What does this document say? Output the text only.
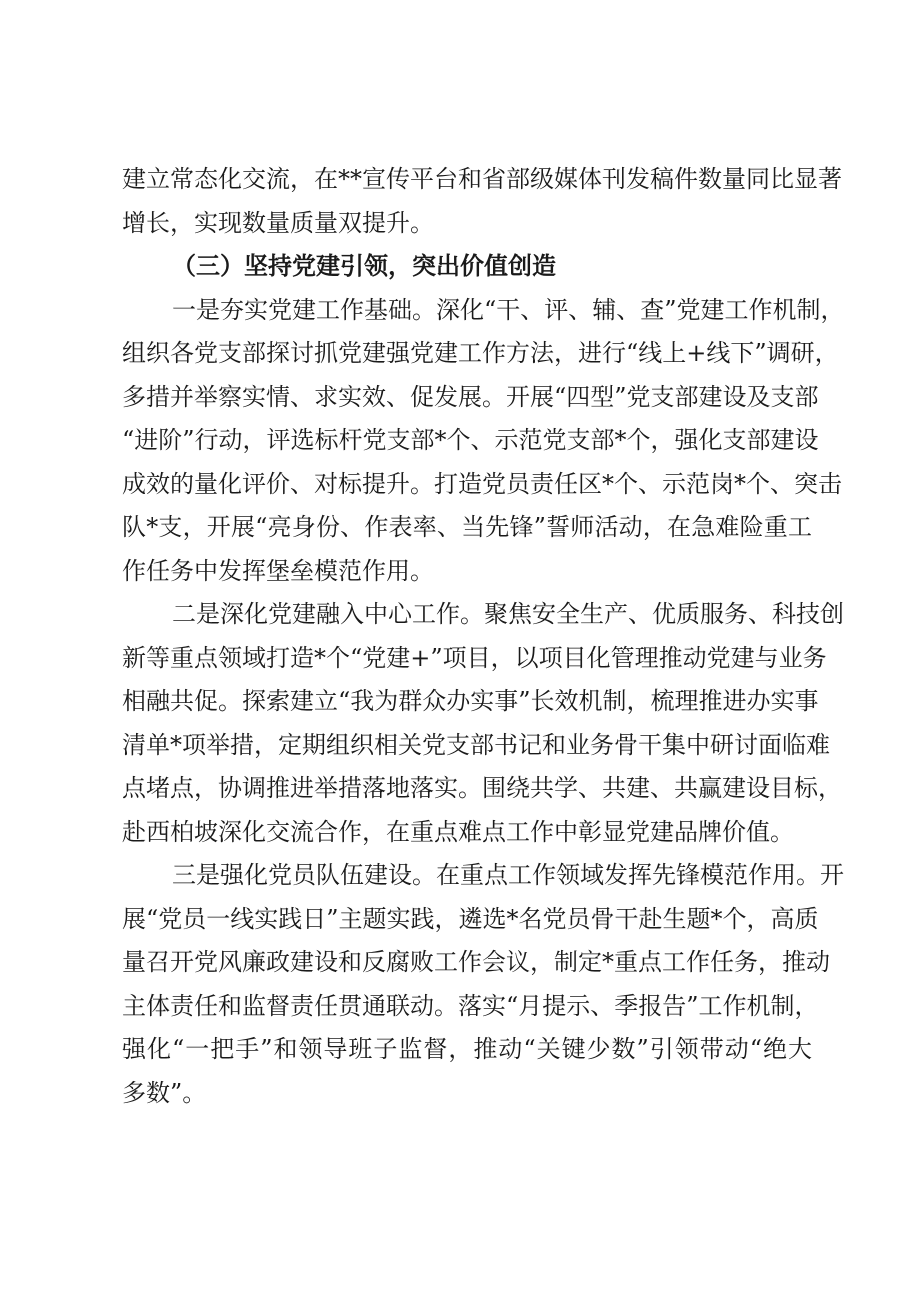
建立常态化交流，在**宣传平台和省部级媒体刊发稿件数量同比显著
增长，实现数量质量双提升。
（三）坚持党建引领，突出价值创造
一是夯实党建工作基础。深化“干、评、辅、查”党建工作机制，
组织各党支部探讨抓党建强党建工作方法，进行“线上+线下”调研，
多措并举察实情、求实效、促发展。开展“四型”党支部建设及支部
“进阶”行动，评选标杆党支部*个、示范党支部*个，强化支部建设
成效的量化评价、对标提升。打造党员责任区*个、示范岗*个、突击
队*支，开展“亮身份、作表率、当先锋”誓师活动，在急难险重工
作任务中发挥堡垒模范作用。
二是深化党建融入中心工作。聚焦安全生产、优质服务、科技创
新等重点领域打造*个“党建+”项目，以项目化管理推动党建与业务
相融共促。探索建立“我为群众办实事”长效机制，梳理推进办实事
清单*项举措，定期组织相关党支部书记和业务骨干集中研讨面临难
点堵点，协调推进举措落地落实。围绕共学、共建、共赢建设目标，
赴西柏坡深化交流合作，在重点难点工作中彰显党建品牌价值。
三是强化党员队伍建设。在重点工作领域发挥先锋模范作用。开
展“党员一线实践日”主题实践，遴选*名党员骨干赴生题*个，高质
量召开党风廉政建设和反腐败工作会议，制定*重点工作任务，推动
主体责任和监督责任贯通联动。落实“月提示、季报告”工作机制，
强化“一把手”和领导班子监督，推动“关键少数”引领带动“绝大
多数”。
